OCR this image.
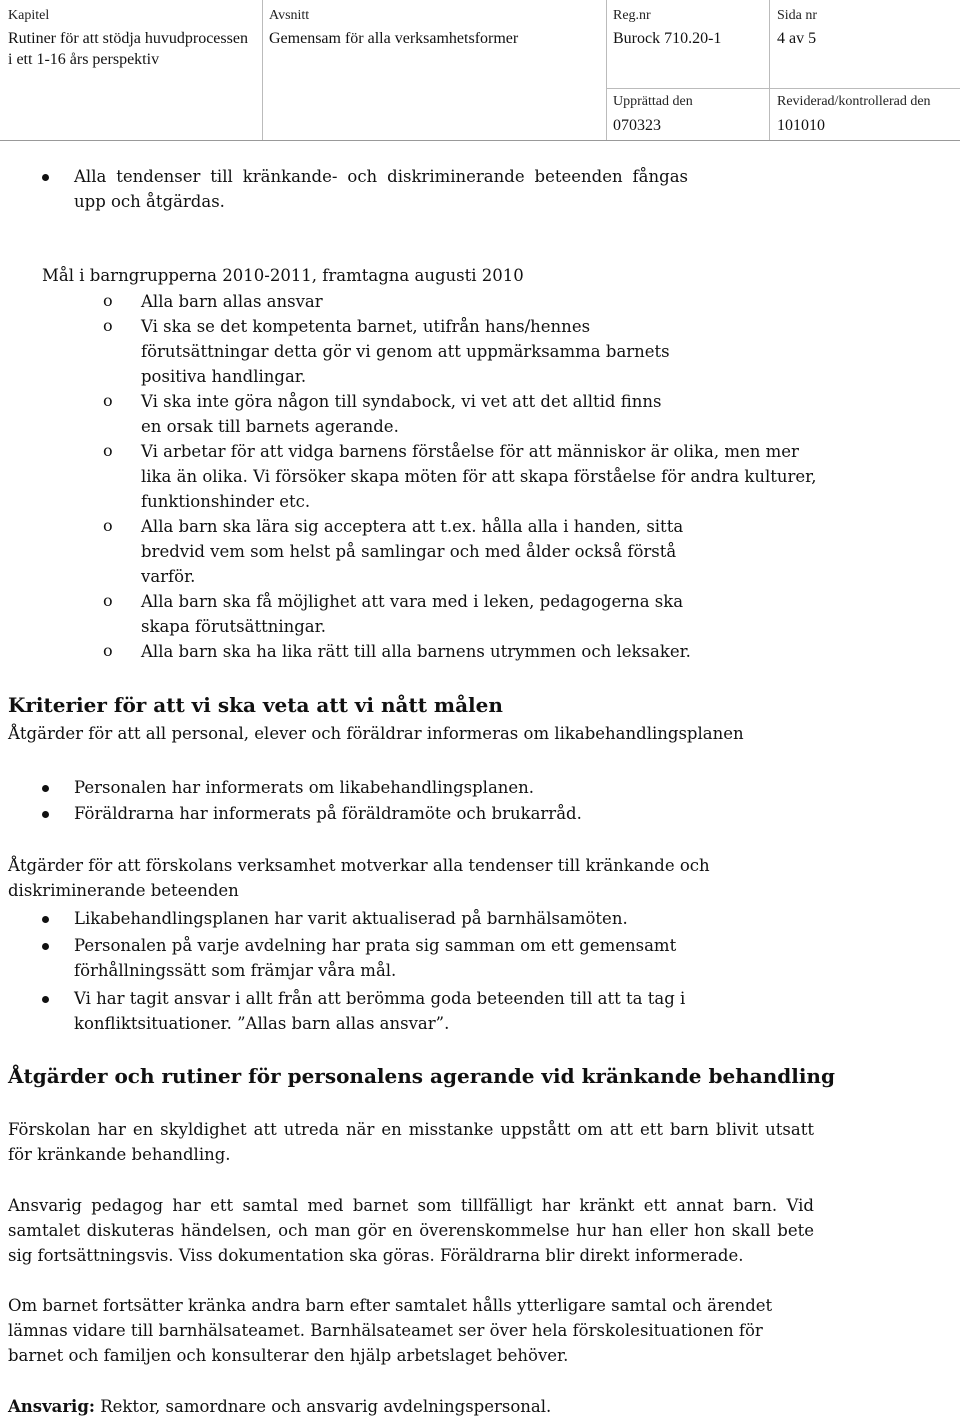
Kapitel
Rutiner för att stödja huvudprocessen i ett 1-16 års perspektiv
Avsnitt
Gemensam för alla verksamhetsformer
Reg.nr
Burock 710.20-1
Sida nr
4 av 5
Upprättad den
070323
Reviderad/kontrollerad den
101010
Alla tendenser till kränkande- och diskriminerande beteenden fångas upp och åtgärdas.
Mål i barngrupperna 2010-2011, framtagna augusti 2010
o Alla barn allas ansvar
o Vi ska se det kompetenta barnet, utifrån hans/hennes förutsättningar detta gör vi genom att uppmärksamma barnets positiva handlingar.
o Vi ska inte göra någon till syndabock, vi vet att det alltid finns en orsak till barnets agerande.
o Vi arbetar för att vidga barnens förståelse för att människor är olika, men mer lika än olika. Vi försöker skapa möten för att skapa förståelse för andra kulturer, funktionshinder etc.
o Alla barn ska lära sig acceptera att t.ex. hålla alla i handen, sitta bredvid vem som helst på samlingar och med ålder också förstå varför.
o Alla barn ska få möjlighet att vara med i leken, pedagogerna ska skapa förutsättningar.
o Alla barn ska ha lika rätt till alla barnens utrymmen och leksaker.
Kriterier för att vi ska veta att vi nått målen
Åtgärder för att all personal, elever och föräldrar informeras om likabehandlingsplanen
Personalen har informerats om likabehandlingsplanen.
Föräldrarna har informerats på föräldramöte och brukarråd.
Åtgärder för att förskolans verksamhet motverkar alla tendenser till kränkande och diskriminerande beteenden
Likabehandlingsplanen har varit aktualiserad på barnhälsamöten.
Personalen på varje avdelning har prata sig samman om ett gemensamt förhållningssätt som främjar våra mål.
Vi har tagit ansvar i allt från att berömma goda beteenden till att ta tag i konfliktsituationer. ”Allas barn allas ansvar”.
Åtgärder och rutiner för personalens agerande vid kränkande behandling
Förskolan har en skyldighet att utreda när en misstanke uppstått om att ett barn blivit utsatt för kränkande behandling.
Ansvarig pedagog har ett samtal med barnet som tillfälligt har kränkt ett annat barn. Vid samtalet diskuteras händelsen, och man gör en överenskommelse hur han eller hon skall bete sig fortsättningsvis. Viss dokumentation ska göras. Föräldrarna blir direkt informerade.
Om barnet fortsätter kränka andra barn efter samtalet hålls ytterligare samtal och ärendet lämnas vidare till barnhälsateamet. Barnhälsateamet ser över hela förskolesituationen för barnet och familjen och konsulterar den hjälp arbetslaget behöver.
Ansvarig: Rektor, samordnare och ansvarig avdelningspersonal.
